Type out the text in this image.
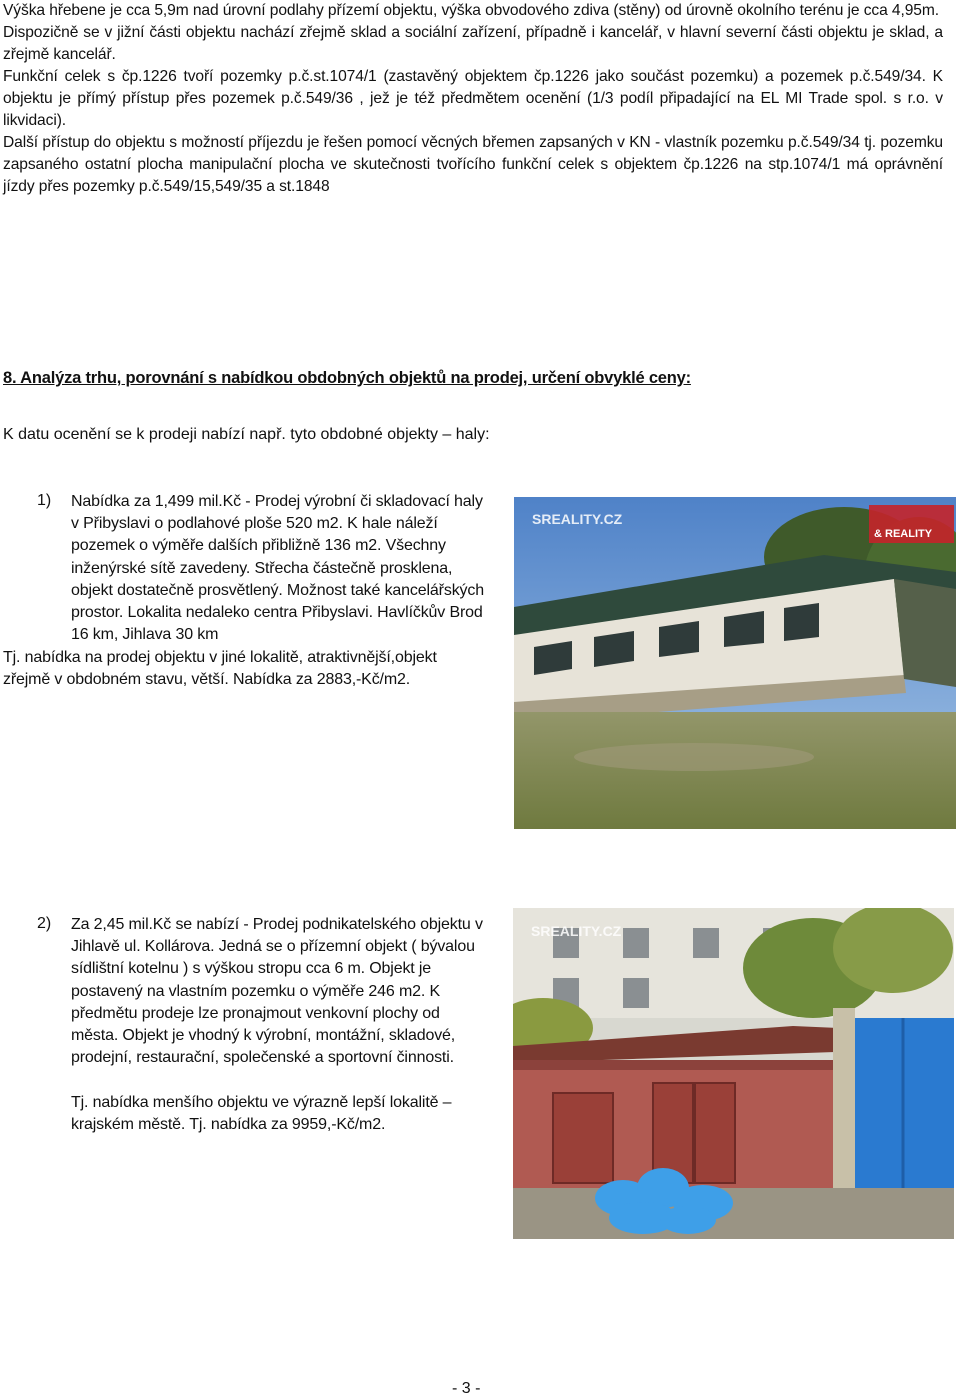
Výška hřebene je cca 5,9m nad úrovní podlahy přízemí objektu, výška obvodového zdiva (stěny) od úrovně okolního terénu je cca 4,95m.

Dispozičně se v jižní části objektu nachází zřejmě sklad a sociální zařízení, případně i kancelář, v hlavní severní části objektu je sklad, a zřejmě kancelář.

Funkční celek s čp.1226 tvoří pozemky p.č.st.1074/1 (zastavěný objektem čp.1226 jako součást pozemku) a pozemek p.č.549/34. K objektu je přímý přístup přes pozemek p.č.549/36 , jež je též předmětem ocenění (1/3 podíl připadající na EL MI Trade spol. s r.o. v likvidaci).

Další přístup do objektu s možností příjezdu je řešen pomocí věcných břemen zapsaných v KN - vlastník pozemku p.č.549/34 tj. pozemku zapsaného ostatní plocha manipulační plocha ve skutečnosti tvořícího funkční celek s objektem čp.1226 na stp.1074/1 má oprávnění jízdy přes pozemky p.č.549/15,549/35 a st.1848

8. Analýza trhu, porovnání s nabídkou obdobných objektů na prodej, určení obvyklé ceny:
K datu ocenění se k prodeji nabízí např. tyto obdobné objekty – haly:
1) Nabídka za 1,499 mil.Kč - Prodej výrobní či skladovací haly

v Přibyslavi o podlahové ploše 520 m2. K hale náleží

pozemek o výměře dalších přibližně 136 m2. Všechny

inženýrské sítě zavedeny. Střecha částečně prosklena,

objekt dostatečně prosvětlený. Možnost také kancelářských

prostor. Lokalita nedaleko centra Přibyslavi. Havlíčkův Brod

16 km, Jihlava 30 km

Tj. nabídka na prodej objektu v jiné lokalitě, atraktivnější,objekt

zřejmě v obdobném stavu, větší. Nabídka za 2883,-Kč/m2.

SREALITY.CZ
& REALITY
2) Za 2,45 mil.Kč se nabízí - Prodej podnikatelského objektu v

Jihlavě ul. Kollárova. Jedná se o přízemní objekt ( bývalou

sídlištní kotelnu ) s výškou stropu cca 6 m. Objekt je

postavený na vlastním pozemku o výměře 246 m2. K

předmětu prodeje lze pronajmout venkovní plochy od

města. Objekt je vhodný k výrobní, montážní, skladové,

prodejní, restaurační, společenské a sportovní činnosti.

Tj. nabídka menšího objektu ve výrazně lepší lokalitě –

krajském městě. Tj. nabídka za 9959,-Kč/m2.

SREALITY.CZ
- 3 -
